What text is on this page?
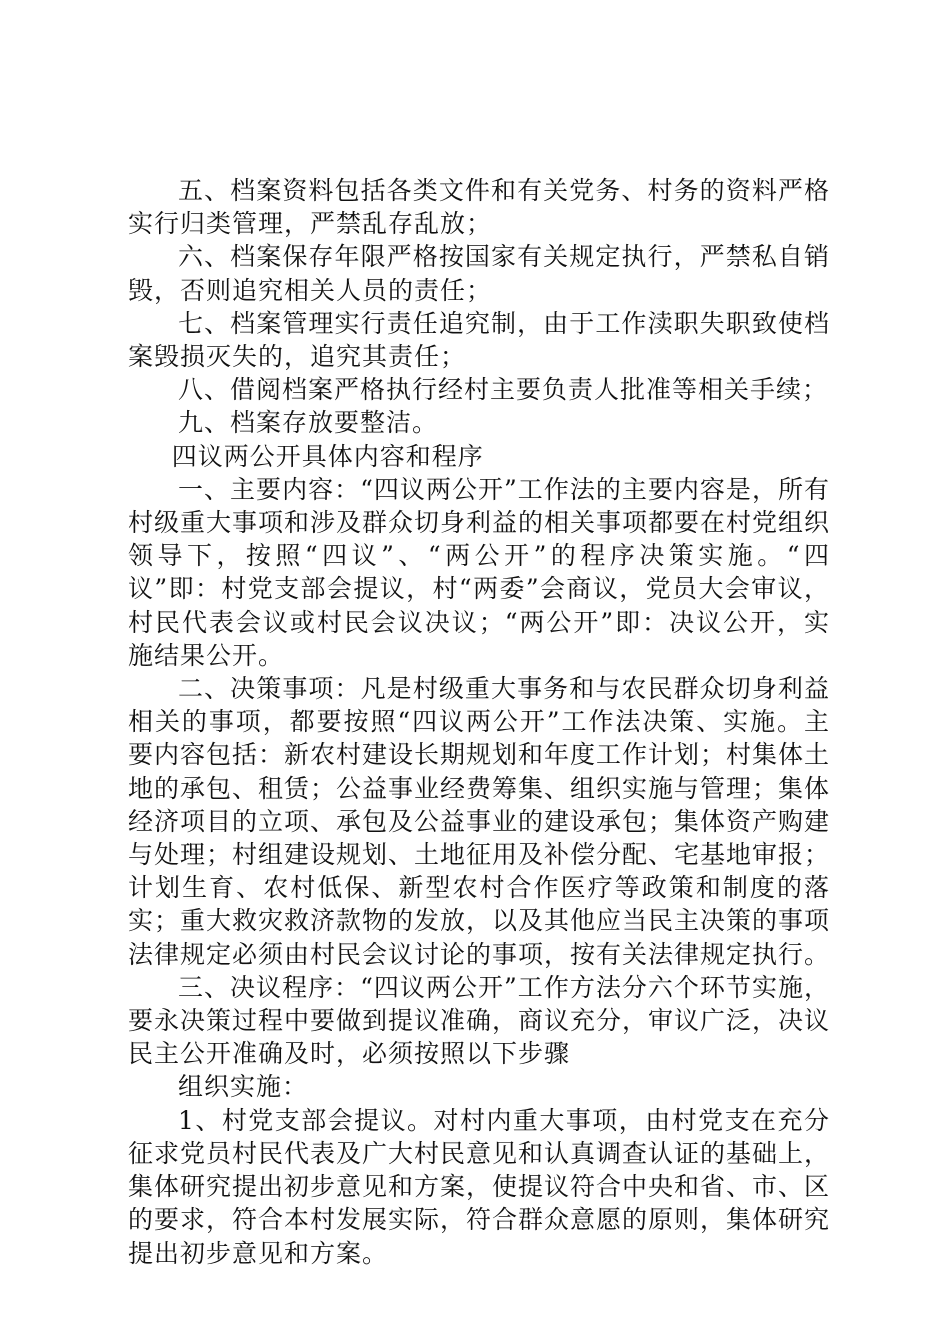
五、档案资料包括各类文件和有关党务、村务的资料严格实行归类管理，严禁乱存乱放；

六、档案保存年限严格按国家有关规定执行，严禁私自销毁，否则追究相关人员的责任；

七、档案管理实行责任追究制，由于工作渎职失职致使档案毁损灭失的，追究其责任；

八、借阅档案严格执行经村主要负责人批准等相关手续；

九、档案存放要整洁。

四议两公开具体内容和程序

一、主要内容：“四议两公开”工作法的主要内容是，所有村级重大事项和涉及群众切身利益的相关事项都要在村党组织领导下，按照“四议”、“两公开”的程序决策实施。“四议”即：村党支部会提议，村“两委”会商议，党员大会审议，村民代表会议或村民会议决议；“两公开”即：决议公开，实施结果公开。

二、决策事项：凡是村级重大事务和与农民群众切身利益相关的事项，都要按照“四议两公开”工作法决策、实施。主要内容包括：新农村建设长期规划和年度工作计划；村集体土地的承包、租赁；公益事业经费筹集、组织实施与管理；集体经济项目的立项、承包及公益事业的建设承包；集体资产购建与处理；村组建设规划、土地征用及补偿分配、宅基地审报；计划生育、农村低保、新型农村合作医疗等政策和制度的落实；重大救灾救济款物的发放，以及其他应当民主决策的事项法律规定必须由村民会议讨论的事项，按有关法律规定执行。

三、决议程序：“四议两公开”工作方法分六个环节实施，要永决策过程中要做到提议准确，商议充分，审议广泛，决议民主公开准确及时，必须按照以下步骤

组织实施：

1、村党支部会提议。对村内重大事项，由村党支在充分征求党员村民代表及广大村民意见和认真调查认证的基础上，集体研究提出初步意见和方案，使提议符合中央和省、市、区的要求，符合本村发展实际，符合群众意愿的原则，集体研究提出初步意见和方案。
